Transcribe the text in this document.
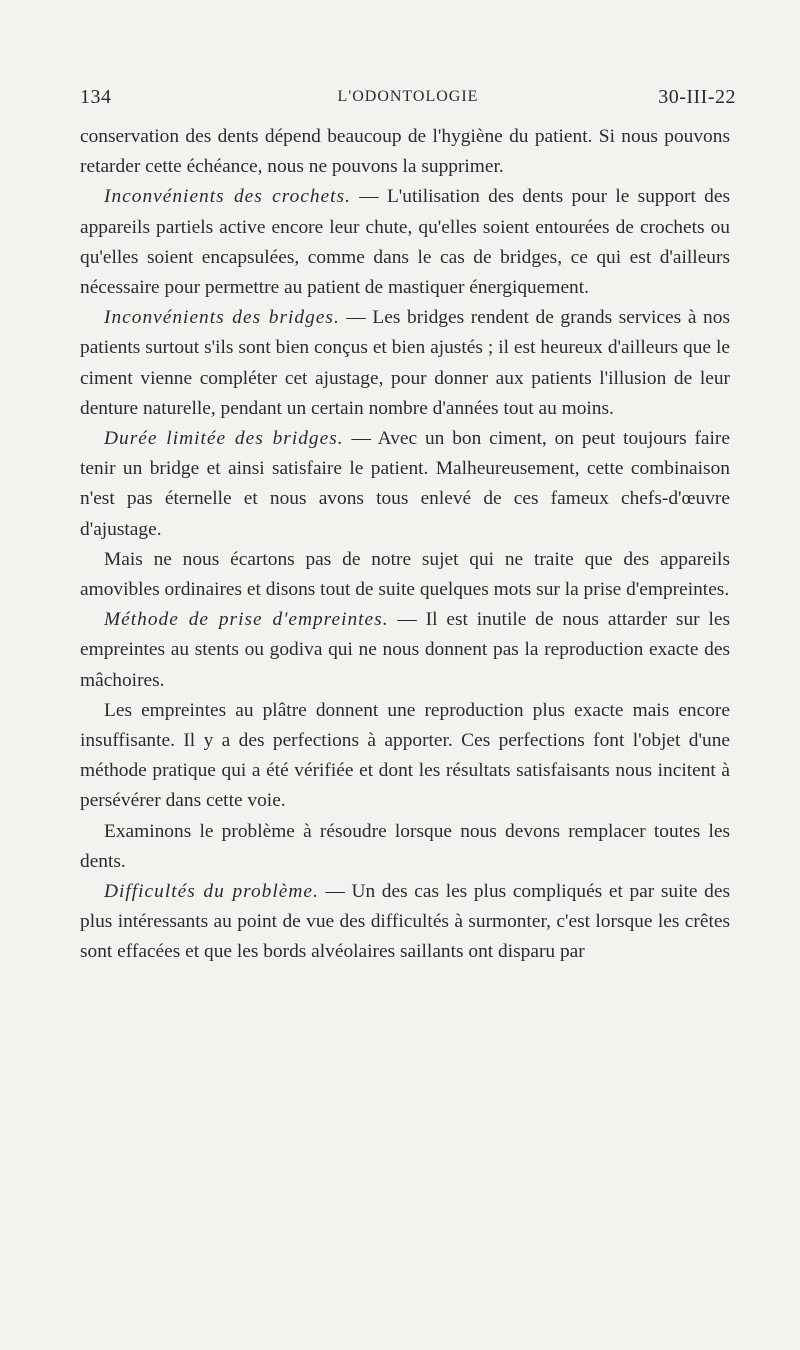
134	L'ODONTOLOGIE	30-III-22

conservation des dents dépend beaucoup de l'hygiène du patient. Si nous pouvons retarder cette échéance, nous ne pouvons la supprimer.

Inconvénients des crochets. — L'utilisation des dents pour le support des appareils partiels active encore leur chute, qu'elles soient entourées de crochets ou qu'elles soient encapsulées, comme dans le cas de bridges, ce qui est d'ailleurs nécessaire pour permettre au patient de mastiquer énergiquement.

Inconvénients des bridges. — Les bridges rendent de grands services à nos patients surtout s'ils sont bien conçus et bien ajustés ; il est heureux d'ailleurs que le ciment vienne compléter cet ajustage, pour donner aux patients l'illusion de leur denture naturelle, pendant un certain nombre d'années tout au moins.

Durée limitée des bridges. — Avec un bon ciment, on peut toujours faire tenir un bridge et ainsi satisfaire le patient. Malheureusement, cette combinaison n'est pas éternelle et nous avons tous enlevé de ces fameux chefs-d'œuvre d'ajustage.

Mais ne nous écartons pas de notre sujet qui ne traite que des appareils amovibles ordinaires et disons tout de suite quelques mots sur la prise d'empreintes.

Méthode de prise d'empreintes. — Il est inutile de nous attarder sur les empreintes au stents ou godiva qui ne nous donnent pas la reproduction exacte des mâchoires.

Les empreintes au plâtre donnent une reproduction plus exacte mais encore insuffisante. Il y a des perfections à apporter. Ces perfections font l'objet d'une méthode pratique qui a été vérifiée et dont les résultats satisfaisants nous incitent à persévérer dans cette voie.

Examinons le problème à résoudre lorsque nous devons remplacer toutes les dents.

Difficultés du problème. — Un des cas les plus compliqués et par suite des plus intéressants au point de vue des difficultés à surmonter, c'est lorsque les crêtes sont effacées et que les bords alvéolaires saillants ont disparu par
